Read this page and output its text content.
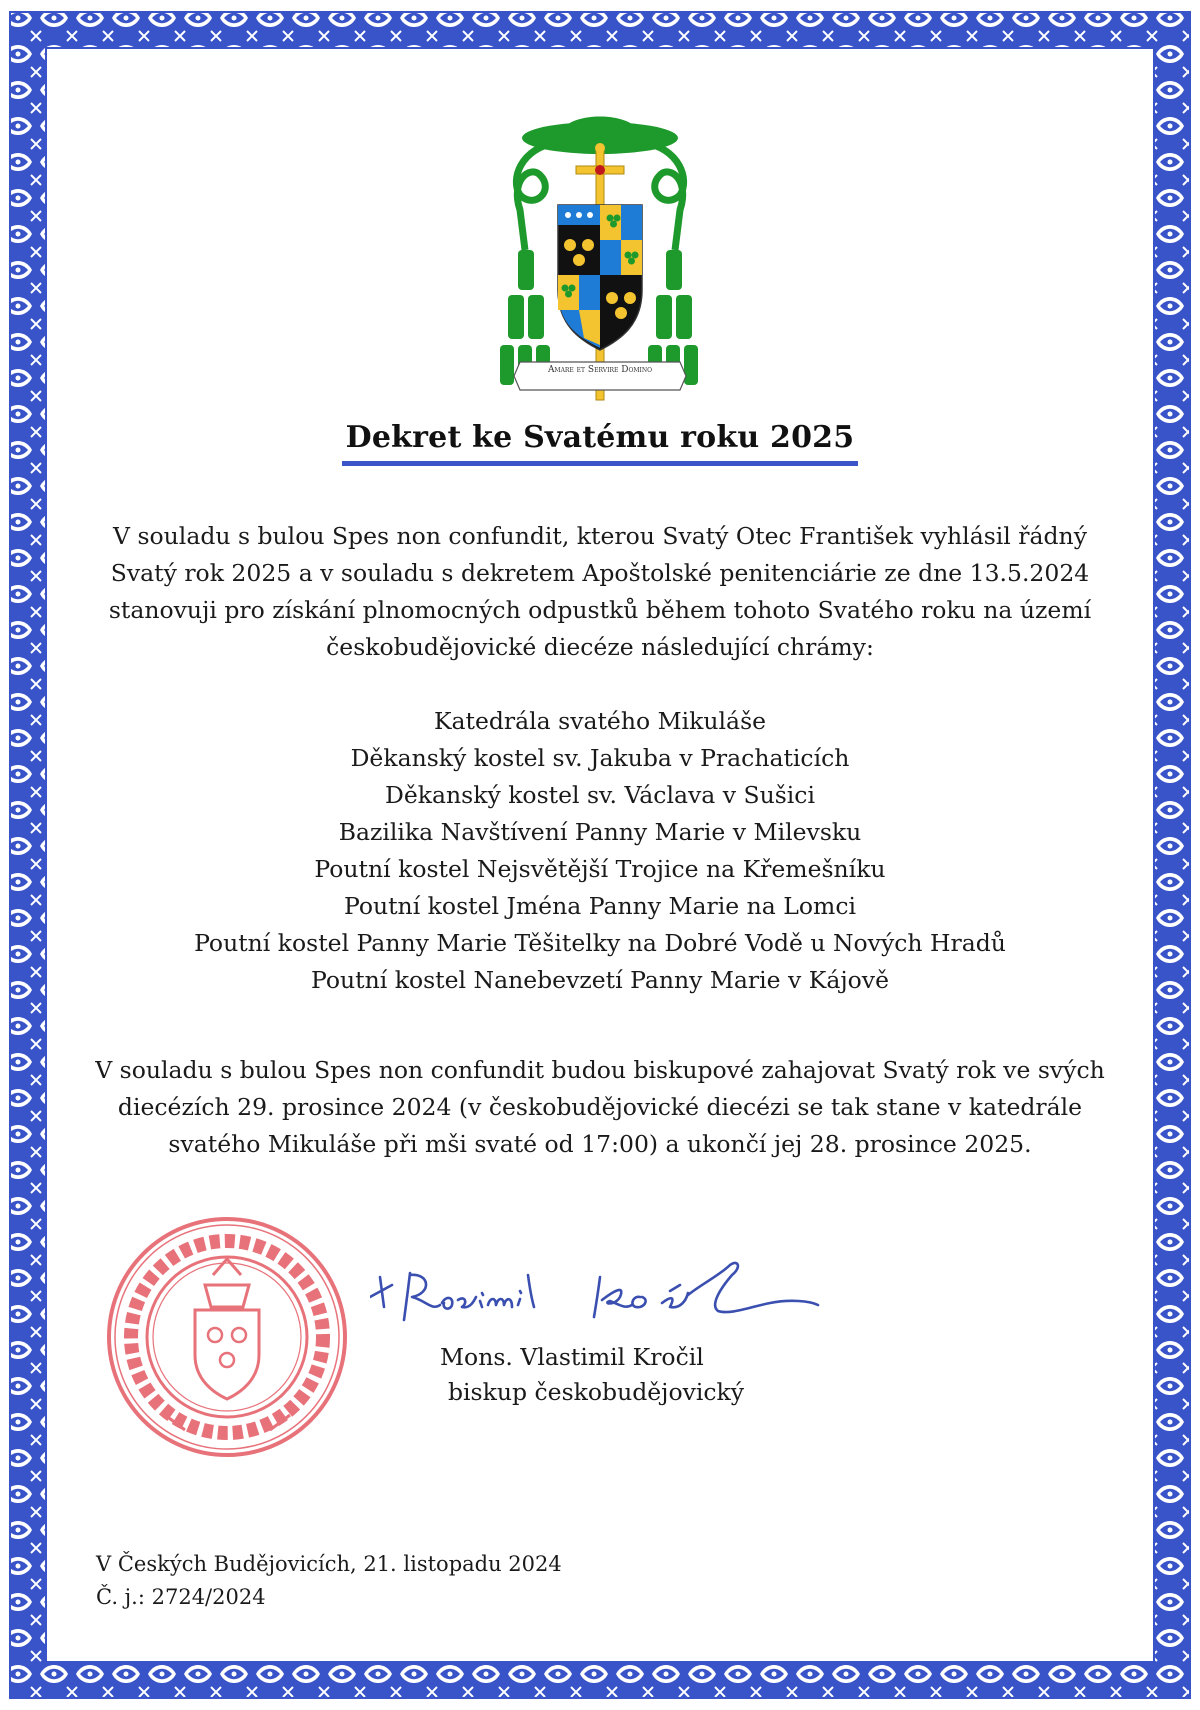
Amare et Servire Domino
Dekret ke Svatému roku 2025

V souladu s bulou Spes non confundit, kterou Svatý Otec František vyhlásil řádný Svatý rok 2025 a v souladu s dekretem Apoštolské penitenciárie ze dne 13.5.2024 stanovuji pro získání plnomocných odpustků během tohoto Svatého roku na území českobudějovické diecéze následující chrámy:

Katedrála svatého Mikuláše
Děkanský kostel sv. Jakuba v Prachaticích
Děkanský kostel sv. Václava v Sušici
Bazilika Navštívení Panny Marie v Milevsku
Poutní kostel Nejsvětější Trojice na Křemešníku
Poutní kostel Jména Panny Marie na Lomci
Poutní kostel Panny Marie Těšitelky na Dobré Vodě u Nových Hradů
Poutní kostel Nanebevzetí Panny Marie v Kájově

V souladu s bulou Spes non confundit budou biskupové zahajovat Svatý rok ve svých diecézích 29. prosince 2024 (v českobudějovické diecézi se tak stane v katedrále svatého Mikuláše při mši svaté od 17:00) a ukončí jej 28. prosince 2025.

Mons. Vlastimil Kročil
biskup českobudějovický
V Českých Budějovicích, 21. listopadu 2024
Č. j.: 2724/2024
